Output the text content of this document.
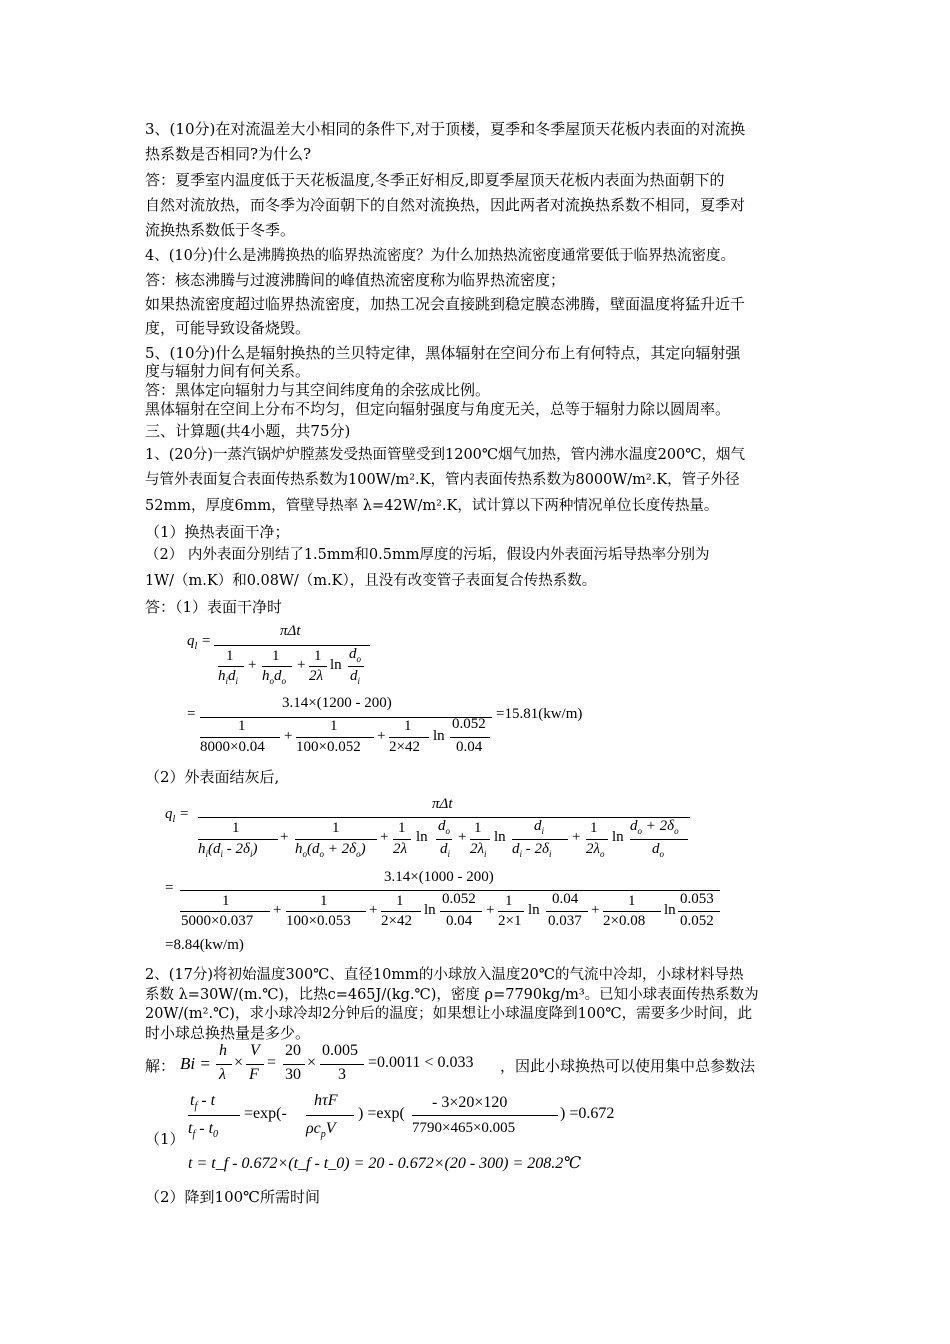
3、(10分)在对流温差大小相同的条件下,对于顶楼，夏季和冬季屋顶天花板内表面的对流换
热系数是否相同?为什么?
答：夏季室内温度低于天花板温度,冬季正好相反,即夏季屋顶天花板内表面为热面朝下的
自然对流放热，而冬季为冷面朝下的自然对流换热，因此两者对流换热系数不相同，夏季对
流换热系数低于冬季。
4、(10分)什么是沸腾换热的临界热流密度？为什么加热热流密度通常要低于临界热流密度。
答：核态沸腾与过渡沸腾间的峰值热流密度称为临界热流密度；
如果热流密度超过临界热流密度，加热工况会直接跳到稳定膜态沸腾，壁面温度将猛升近千
度，可能导致设备烧毁。
5、(10分)什么是辐射换热的兰贝特定律，黑体辐射在空间分布上有何特点，其定向辐射强
度与辐射力间有何关系。
答：黑体定向辐射力与其空间纬度角的余弦成比例。
黑体辐射在空间上分布不均匀，但定向辐射强度与角度无关，总等于辐射力除以圆周率。
三、计算题(共4小题，共75分)
1、(20分)一蒸汽锅炉炉膛蒸发受热面管壁受到1200℃烟气加热，管内沸水温度200℃，烟气
与管外表面复合表面传热系数为100W/m².K，管内表面传热系数为8000W/m².K，管子外径
52mm，厚度6mm，管壁导热率 λ=42W/m².K，试计算以下两种情况单位长度传热量。
（1）换热表面干净；
（2） 内外表面分别结了1.5mm和0.5mm厚度的污垢，假设内外表面污垢导热率分别为
1W/（m.K）和0.08W/（m.K），且没有改变管子表面复合传热系数。
答：（1）表面干净时
$q_l$ =
πΔt
1
$h_id_i$
+
1
$h_od_o$
+
1
2λ
ln
$d_o$
$d_i$
=
3.14×(1200 - 200)
1
8000×0.04
+
1
100×0.052
+
1
2×42
ln
0.052
0.04
=15.81(kw/m)
（2）外表面结灰后,
$q_l$ =
πΔt
1
$h_i(d_i - 2\delta_i)$
+
1
$h_o(d_o + 2\delta_o)$
+
1
2λ
ln
$d_o$
$d_i$
+
1
$2\lambda_i$
ln
$d_i$
$d_i - 2\delta_i$
+
1
$2\lambda_o$
ln
$d_o + 2\delta_o$
$d_o$
=
3.14×(1000 - 200)
1
5000×0.037
+
1
100×0.053
+
1
2×42
ln
0.052
0.04
+
1
2×1
ln
0.04
0.037
+
1
2×0.08
ln
0.053
0.052
=8.84(kw/m)
2、(17分)将初始温度300℃、直径10mm的小球放入温度20℃的气流中冷却，小球材料导热
系数 λ=30W/(m.℃)，比热c=465J/(kg.℃)，密度 ρ=7790kg/m³。已知小球表面传热系数为
20W/(m².℃)，求小球冷却2分钟后的温度；如果想让小球温度降到100℃，需要多少时间，此
时小球总换热量是多少。
解： Bi =
h
λ
×
V
F
=
20
30
×
0.005
3
=0.0011 < 0.033 ，因此小球换热可以使用集中总参数法
（1）
$t_f$ - t
$t_f - t_0$
=exp(-
hτF
$\rho c_pV$
) =exp(
- 3×20×120
7790×465×0.005
) =0.672
t = t_f - 0.672×(t_f - t_0) = 20 - 0.672×(20 - 300) = 208.2℃
（2）降到100℃所需时间
